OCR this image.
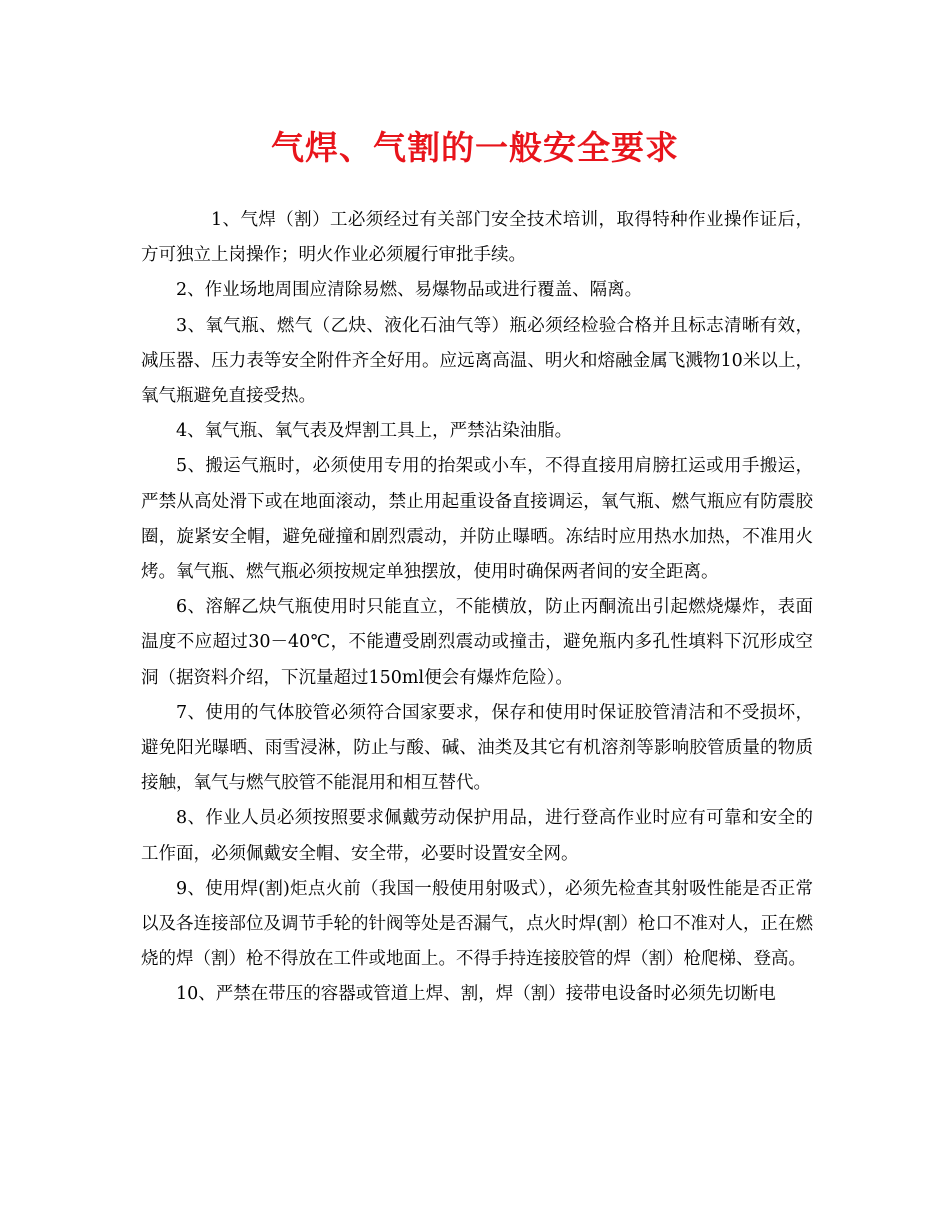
气焊、气割的一般安全要求

1、气焊（割）工必须经过有关部门安全技术培训，取得特种作业操作证后，方可独立上岗操作；明火作业必须履行审批手续。

2、作业场地周围应清除易燃、易爆物品或进行覆盖、隔离。

3、氧气瓶、燃气（乙炔、液化石油气等）瓶必须经检验合格并且标志清晰有效，减压器、压力表等安全附件齐全好用。应远离高温、明火和熔融金属飞溅物10米以上，氧气瓶避免直接受热。

4、氧气瓶、氧气表及焊割工具上，严禁沾染油脂。

5、搬运气瓶时，必须使用专用的抬架或小车，不得直接用肩膀扛运或用手搬运，严禁从高处滑下或在地面滚动，禁止用起重设备直接调运，氧气瓶、燃气瓶应有防震胶圈，旋紧安全帽，避免碰撞和剧烈震动，并防止曝晒。冻结时应用热水加热，不准用火烤。氧气瓶、燃气瓶必须按规定单独摆放，使用时确保两者间的安全距离。

6、溶解乙炔气瓶使用时只能直立，不能横放，防止丙酮流出引起燃烧爆炸，表面温度不应超过30－40℃，不能遭受剧烈震动或撞击，避免瓶内多孔性填料下沉形成空洞（据资料介绍，下沉量超过150ml便会有爆炸危险）。

7、使用的气体胶管必须符合国家要求，保存和使用时保证胶管清洁和不受损坏，避免阳光曝晒、雨雪浸淋，防止与酸、碱、油类及其它有机溶剂等影响胶管质量的物质接触，氧气与燃气胶管不能混用和相互替代。

8、作业人员必须按照要求佩戴劳动保护用品，进行登高作业时应有可靠和安全的工作面，必须佩戴安全帽、安全带，必要时设置安全网。

9、使用焊(割)炬点火前（我国一般使用射吸式），必须先检查其射吸性能是否正常以及各连接部位及调节手轮的针阀等处是否漏气，点火时焊(割）枪口不准对人，正在燃烧的焊（割）枪不得放在工件或地面上。不得手持连接胶管的焊（割）枪爬梯、登高。

10、严禁在带压的容器或管道上焊、割，焊（割）接带电设备时必须先切断电
